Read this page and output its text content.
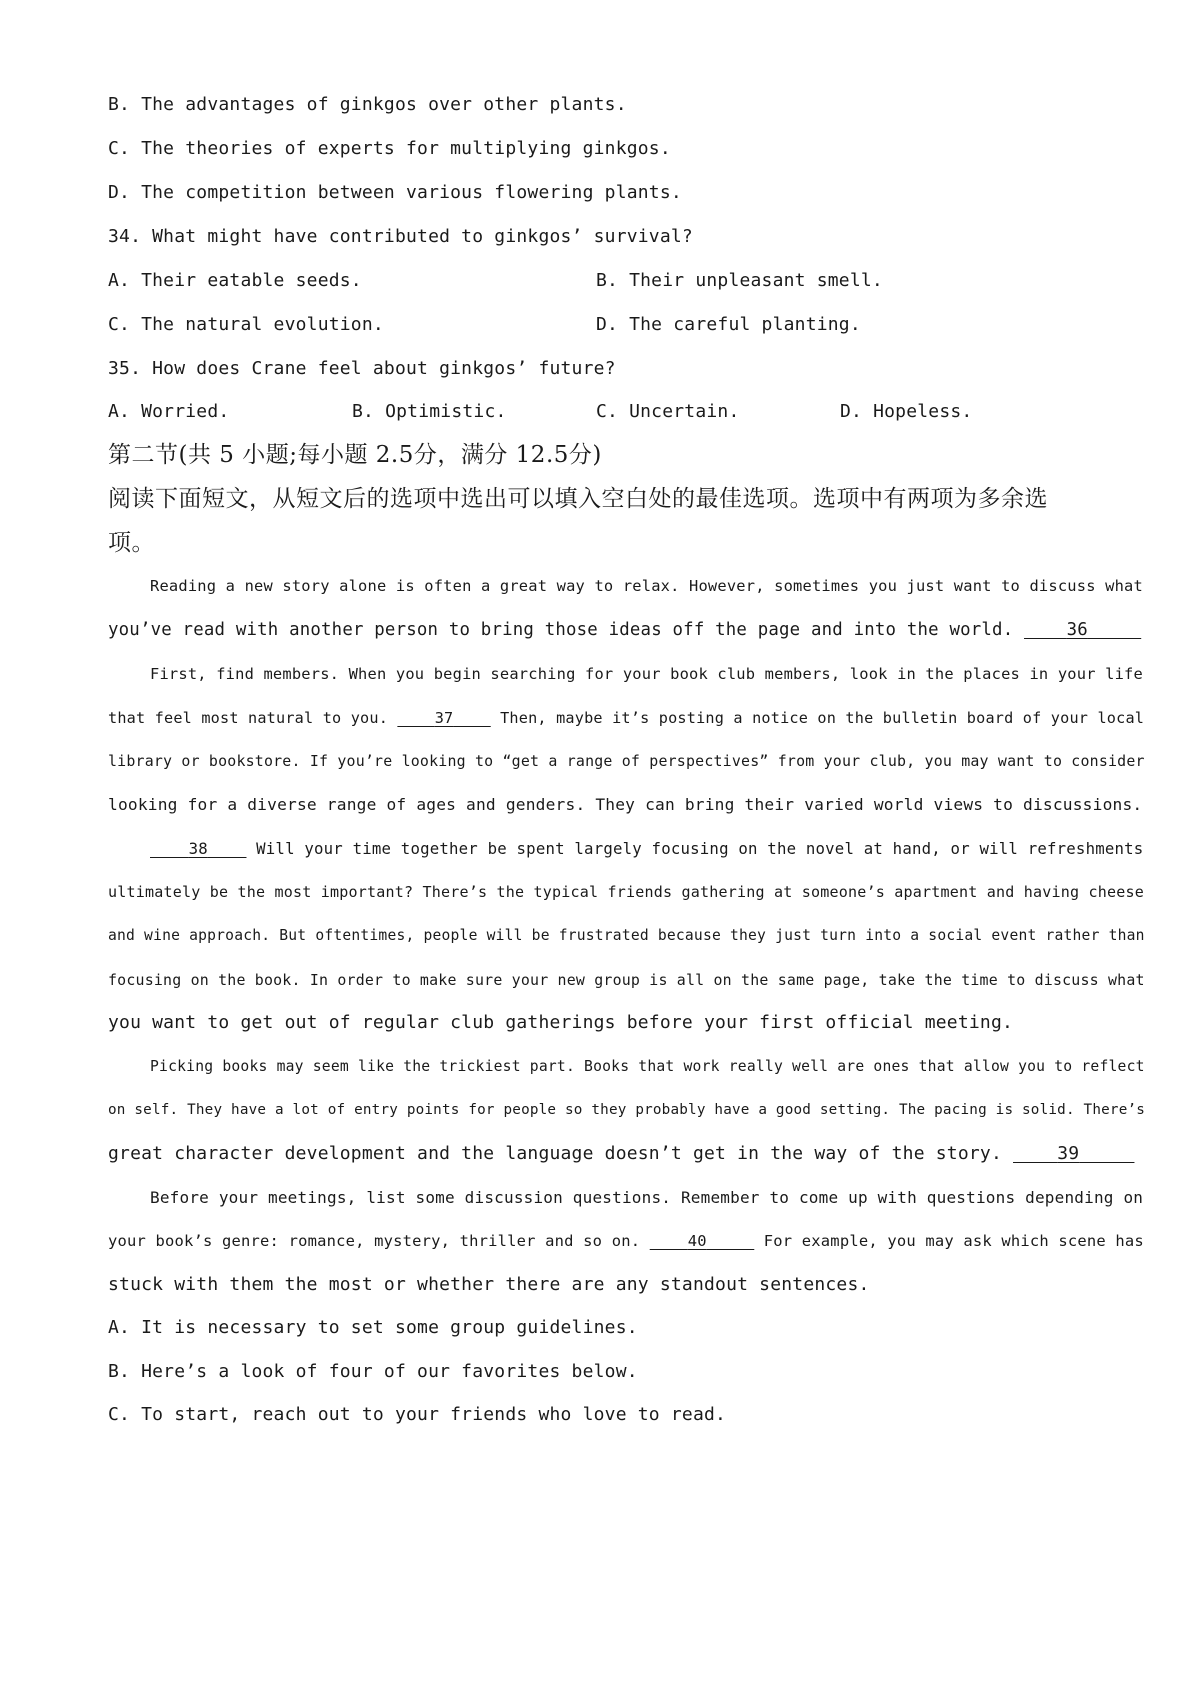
B. The advantages of ginkgos over other plants.
C. The theories of experts for multiplying ginkgos.
D. The competition between various flowering plants.
34. What might have contributed to ginkgos’ survival?
A. Their eatable seeds.	B. Their unpleasant smell.
C. The natural evolution.	D. The careful planting.
35. How does Crane feel about ginkgos’ future?
A. Worried.	B. Optimistic.	C. Uncertain.	D. Hopeless.
第二节(共 5 小题;每小题 2.5分，满分 12.5分)
阅读下面短文，从短文后的选项中选出可以填入空白处的最佳选项。选项中有两项为多余选
项。
Reading a new story alone is often a great way to relax. However, sometimes you just want to discuss what
you’ve read with another person to bring those ideas off the page and into the world.     36
First, find members. When you begin searching for your book club members, look in the places in your life
that feel most natural to you.     37     Then, maybe it’s posting a notice on the bulletin board of your local
library or bookstore. If you’re looking to “get a range of perspectives” from your club, you may want to consider
looking for a diverse range of ages and genders. They can bring their varied world views to discussions.
38     Will your time together be spent largely focusing on the novel at hand, or will refreshments
ultimately be the most important? There’s the typical friends gathering at someone’s apartment and having cheese
and wine approach. But oftentimes, people will be frustrated because they just turn into a social event rather than
focusing on the book. In order to make sure your new group is all on the same page, take the time to discuss what
you want to get out of regular club gatherings before your first official meeting.
Picking books may seem like the trickiest part. Books that work really well are ones that allow you to reflect
on self. They have a lot of entry points for people so they probably have a good setting. The pacing is solid. There’s
great character development and the language doesn’t get in the way of the story.     39
Before your meetings, list some discussion questions. Remember to come up with questions depending on
your book’s genre: romance, mystery, thriller and so on.     40	For example, you may ask which scene has
stuck with them the most or whether there are any standout sentences.
A. It is necessary to set some group guidelines.
B. Here’s a look of four of our favorites below.
C. To start, reach out to your friends who love to read.
